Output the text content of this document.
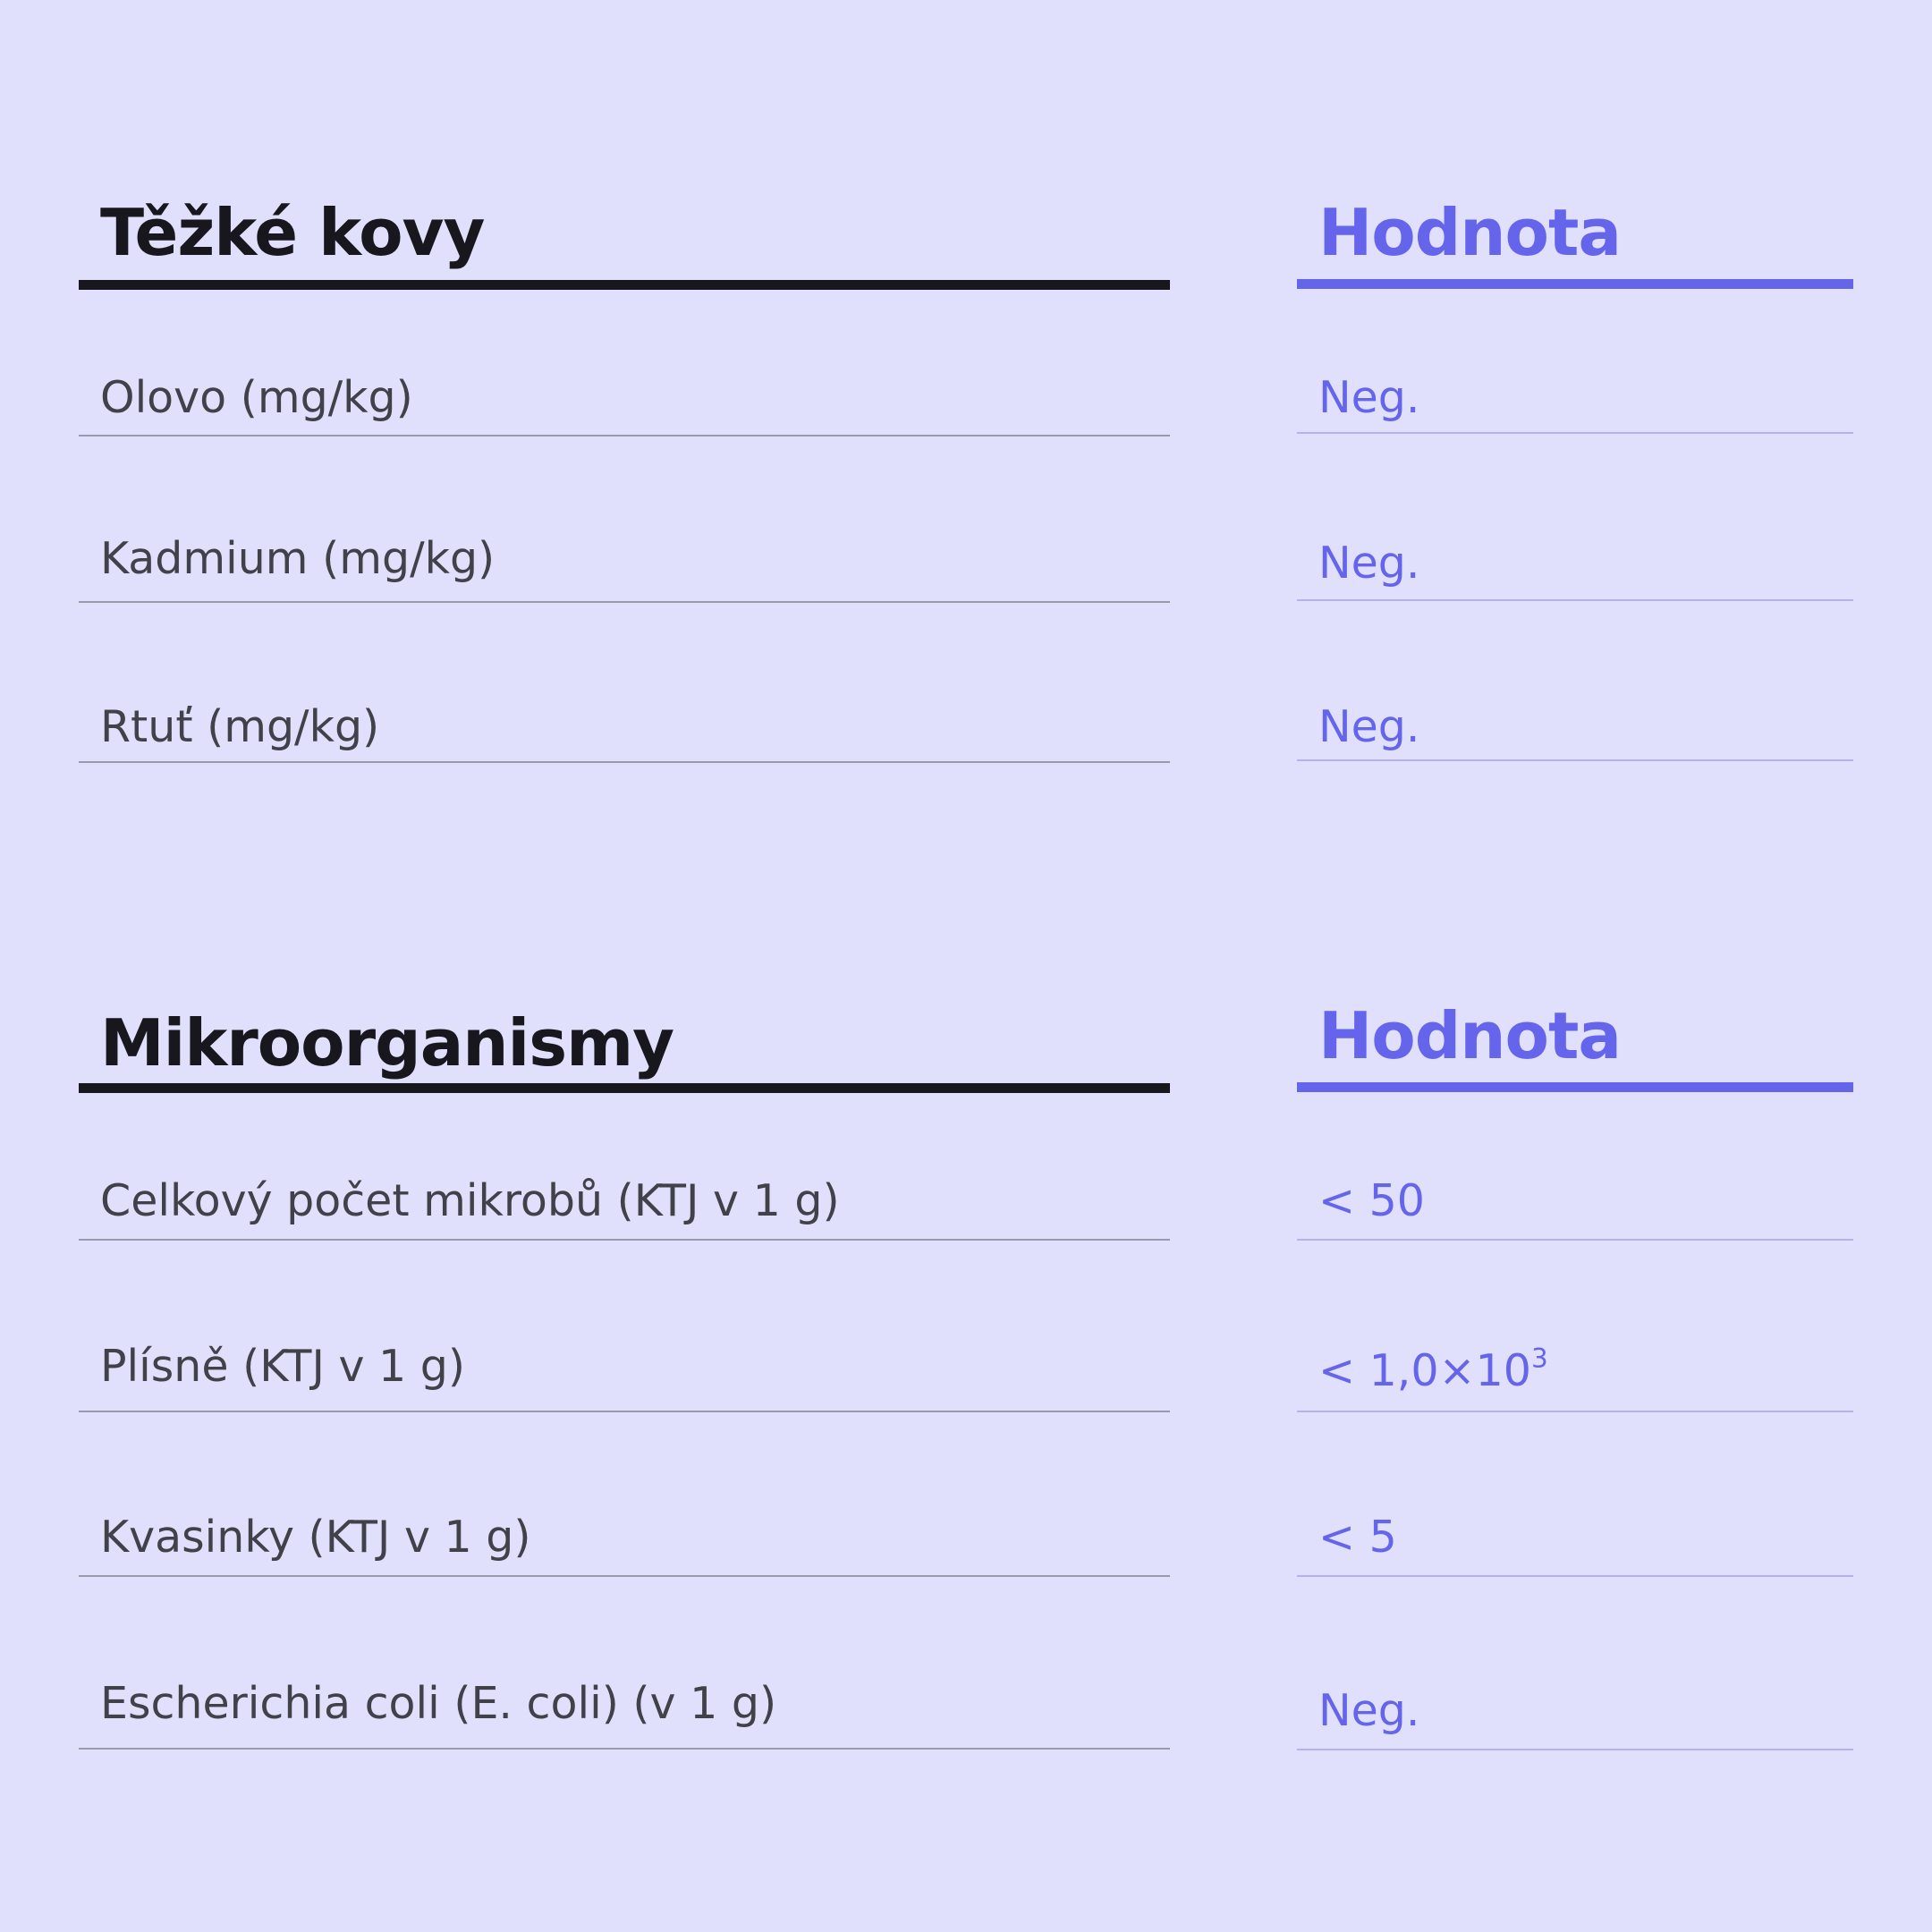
Těžké kovy
Olovo (mg/kg)
Kadmium (mg/kg)
Rtuť (mg/kg)
Hodnota
Neg.
Neg.
Neg.
Mikroorganismy
Celkový počet mikrobů (KTJ v 1 g)
Plísně (KTJ v 1 g)
Kvasinky (KTJ v 1 g)
Escherichia coli (E. coli) (v 1 g)
Hodnota
< 50
< $1,0\times 10^3$
< 5
Neg.
